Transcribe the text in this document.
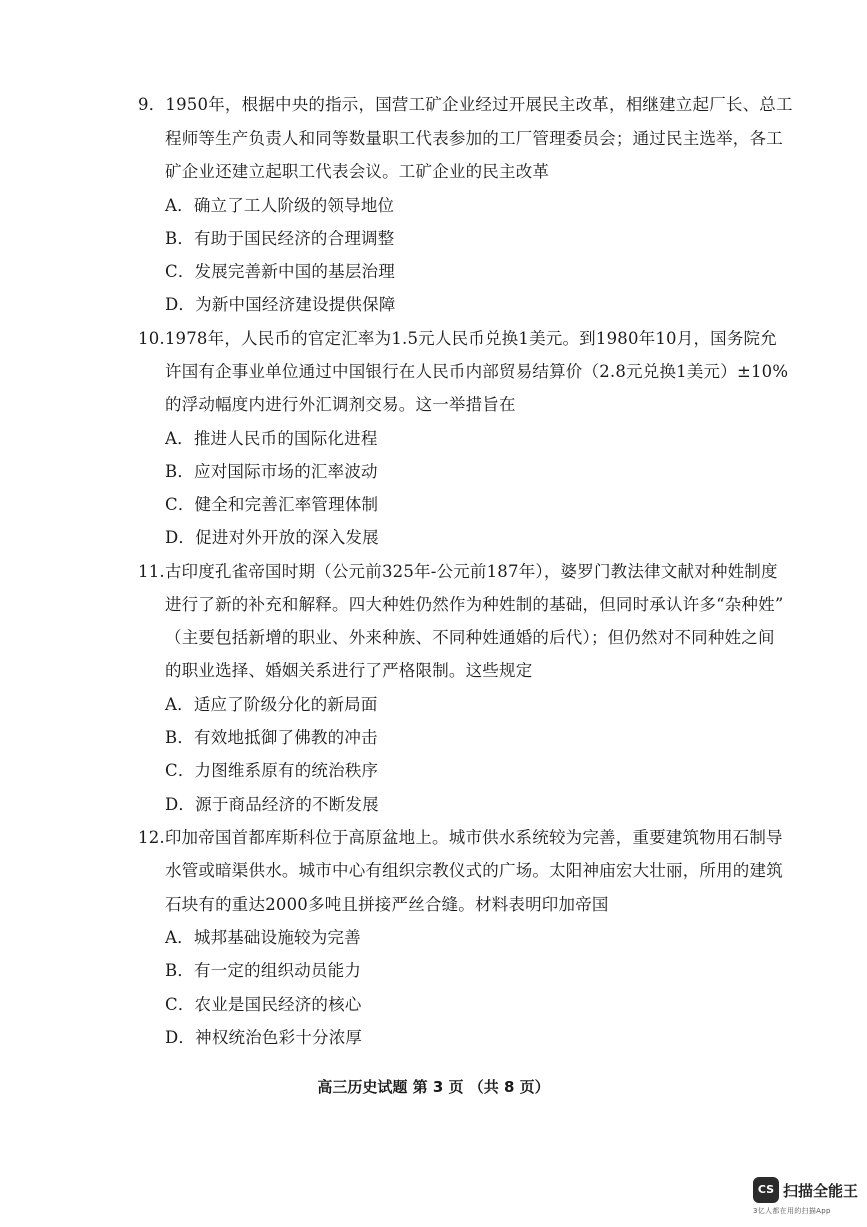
9．1950年，根据中央的指示，国营工矿企业经过开展民主改革，相继建立起厂长、总工
程师等生产负责人和同等数量职工代表参加的工厂管理委员会；通过民主选举，各工
矿企业还建立起职工代表会议。工矿企业的民主改革
A．确立了工人阶级的领导地位
B．有助于国民经济的合理调整
C．发展完善新中国的基层治理
D．为新中国经济建设提供保障
10.1978年，人民币的官定汇率为1.5元人民币兑换1美元。到1980年10月，国务院允
许国有企事业单位通过中国银行在人民币内部贸易结算价（2.8元兑换1美元）±10%
的浮动幅度内进行外汇调剂交易。这一举措旨在
A．推进人民币的国际化进程
B．应对国际市场的汇率波动
C．健全和完善汇率管理体制
D．促进对外开放的深入发展
11.古印度孔雀帝国时期（公元前325年-公元前187年），婆罗门教法律文献对种姓制度
进行了新的补充和解释。四大种姓仍然作为种姓制的基础，但同时承认许多“杂种姓”
（主要包括新增的职业、外来种族、不同种姓通婚的后代）；但仍然对不同种姓之间
的职业选择、婚姻关系进行了严格限制。这些规定
A．适应了阶级分化的新局面
B．有效地抵御了佛教的冲击
C．力图维系原有的统治秩序
D．源于商品经济的不断发展
12.印加帝国首都库斯科位于高原盆地上。城市供水系统较为完善，重要建筑物用石制导
水管或暗渠供水。城市中心有组织宗教仪式的广场。太阳神庙宏大壮丽，所用的建筑
石块有的重达2000多吨且拼接严丝合缝。材料表明印加帝国
A．城邦基础设施较为完善
B．有一定的组织动员能力
C．农业是国民经济的核心
D．神权统治色彩十分浓厚
高三历史试题 第 3 页 （共 8 页）
CS 扫描全能王
3亿人都在用的扫描App
